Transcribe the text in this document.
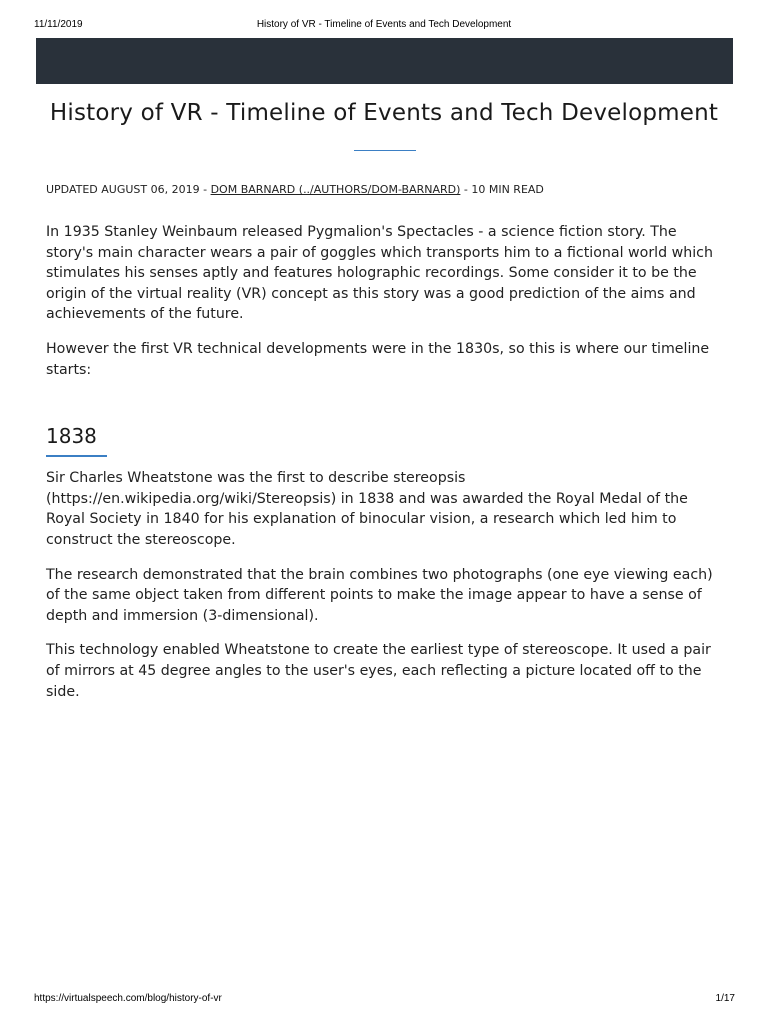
11/11/2019	History of VR - Timeline of Events and Tech Development
History of VR - Timeline of Events and Tech Development
UPDATED AUGUST 06, 2019 - DOM BARNARD (../AUTHORS/DOM-BARNARD) - 10 MIN READ

In 1935 Stanley Weinbaum released Pygmalion's Spectacles - a science fiction story. The story's main character wears a pair of goggles which transports him to a fictional world which stimulates his senses aptly and features holographic recordings. Some consider it to be the origin of the virtual reality (VR) concept as this story was a good prediction of the aims and achievements of the future.

However the first VR technical developments were in the 1830s, so this is where our timeline starts:

1838

Sir Charles Wheatstone was the first to describe stereopsis (https://en.wikipedia.org/wiki/Stereopsis) in 1838 and was awarded the Royal Medal of the Royal Society in 1840 for his explanation of binocular vision, a research which led him to construct the stereoscope.

The research demonstrated that the brain combines two photographs (one eye viewing each) of the same object taken from different points to make the image appear to have a sense of depth and immersion (3-dimensional).

This technology enabled Wheatstone to create the earliest type of stereoscope. It used a pair of mirrors at 45 degree angles to the user's eyes, each reflecting a picture located off to the side.

https://virtualspeech.com/blog/history-of-vr	1/17
